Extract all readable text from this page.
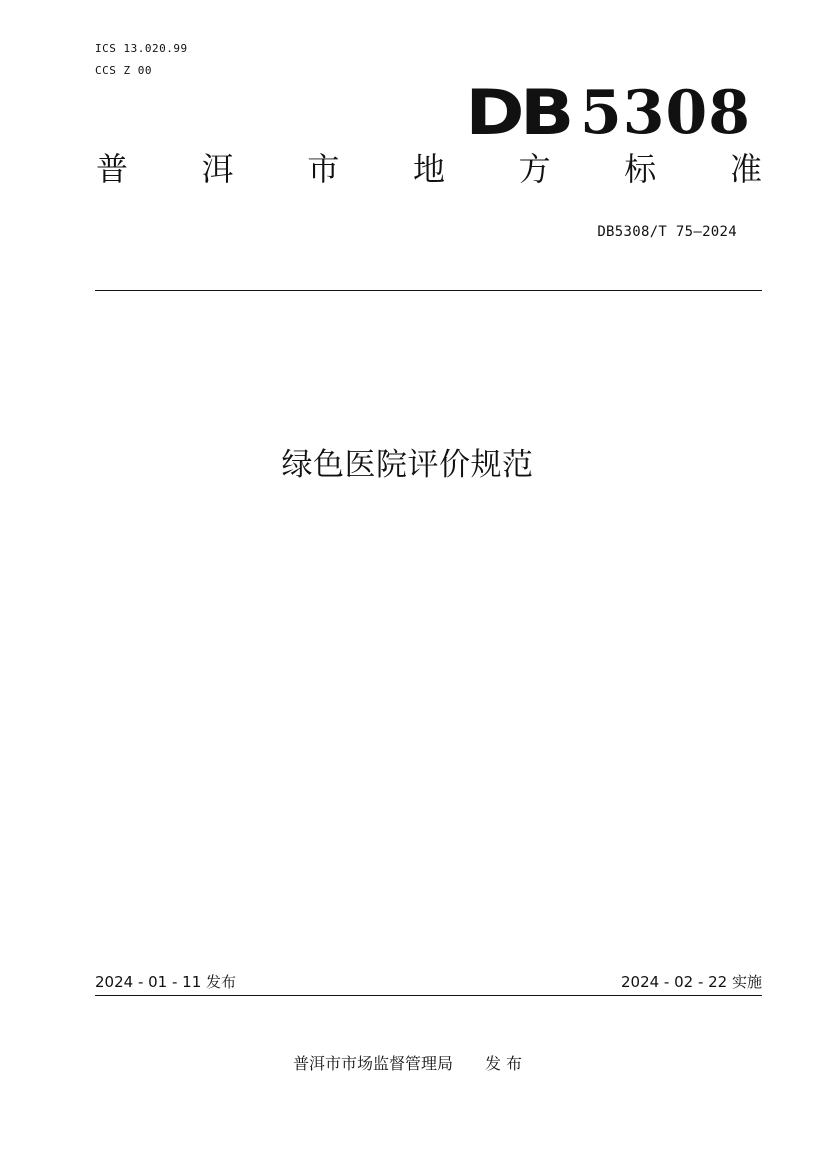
ICS 13.020.99
CCS Z 00
DB 5308
普 洱 市 地 方 标 准
DB5308/T 75—2024
绿色医院评价规范
2024 - 01 - 11 发布	2024 - 02 - 22 实施
普洱市市场监督管理局 发 布
